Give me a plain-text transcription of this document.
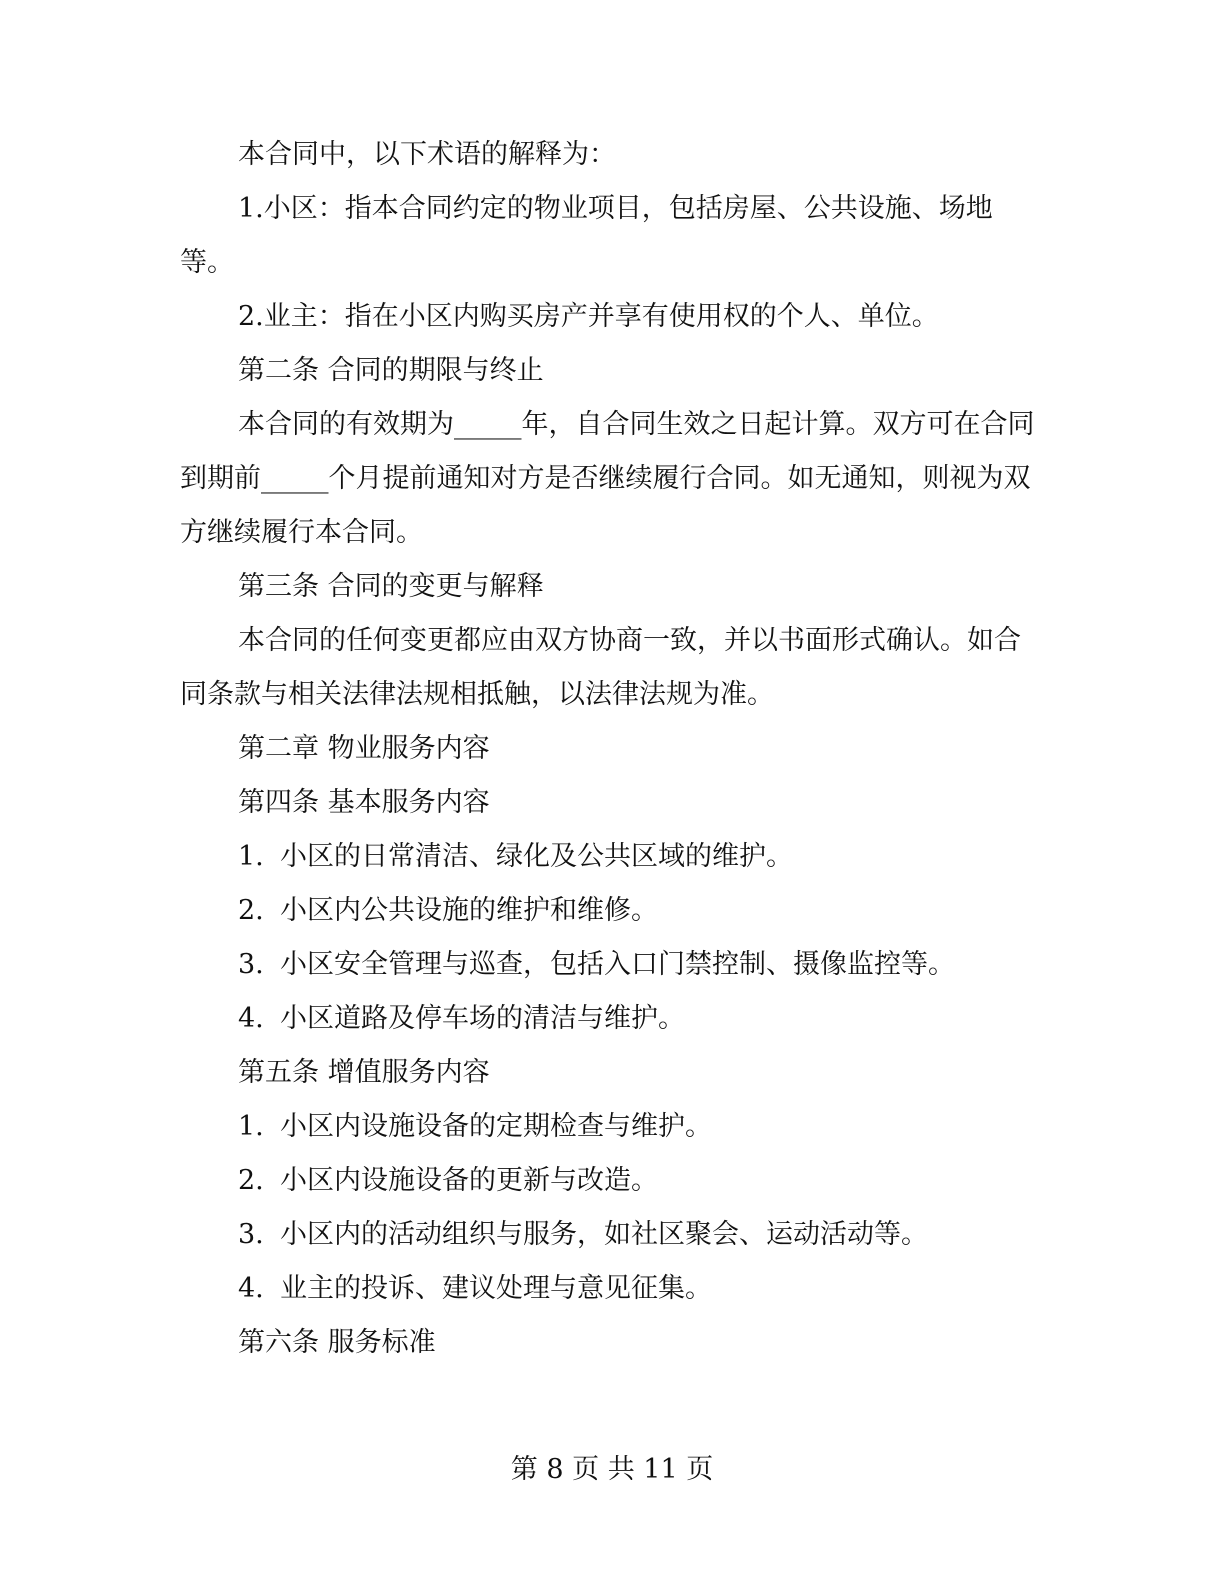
本合同中，以下术语的解释为：

1.小区：指本合同约定的物业项目，包括房屋、公共设施、场地等。

2.业主：指在小区内购买房产并享有使用权的个人、单位。

第二条 合同的期限与终止

本合同的有效期为_____年，自合同生效之日起计算。双方可在合同到期前_____个月提前通知对方是否继续履行合同。如无通知，则视为双方继续履行本合同。

第三条 合同的变更与解释

本合同的任何变更都应由双方协商一致，并以书面形式确认。如合同条款与相关法律法规相抵触，以法律法规为准。

第二章 物业服务内容

第四条 基本服务内容

1. 小区的日常清洁、绿化及公共区域的维护。

2. 小区内公共设施的维护和维修。

3. 小区安全管理与巡查，包括入口门禁控制、摄像监控等。

4. 小区道路及停车场的清洁与维护。

第五条 增值服务内容

1. 小区内设施设备的定期检查与维护。

2. 小区内设施设备的更新与改造。

3. 小区内的活动组织与服务，如社区聚会、运动活动等。

4. 业主的投诉、建议处理与意见征集。

第六条 服务标准

第 8 页 共 11 页
